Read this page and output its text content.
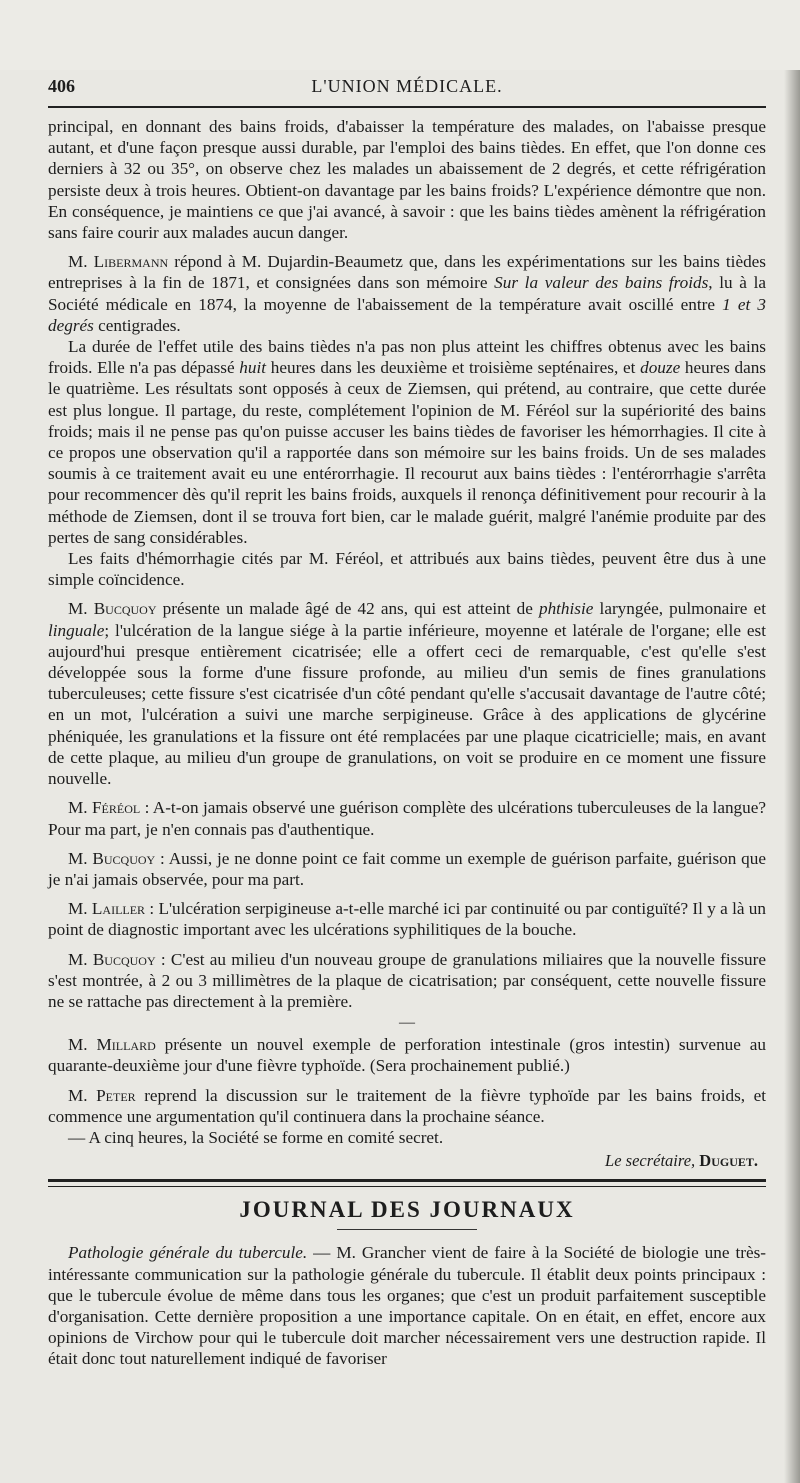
406	L'UNION MÉDICALE.

principal, en donnant des bains froids, d'abaisser la température des malades, on l'abaisse presque autant, et d'une façon presque aussi durable, par l'emploi des bains tièdes. En effet, que l'on donne ces derniers à 32 ou 35°, on observe chez les malades un abaissement de 2 degrés, et cette réfrigération persiste deux à trois heures. Obtient-on davantage par les bains froids? L'expérience démontre que non. En conséquence, je maintiens ce que j'ai avancé, à savoir : que les bains tièdes amènent la réfrigération sans faire courir aux malades aucun danger.

M. Libermann répond à M. Dujardin-Beaumetz que, dans les expérimentations sur les bains tièdes entreprises à la fin de 1871, et consignées dans son mémoire Sur la valeur des bains froids, lu à la Société médicale en 1874, la moyenne de l'abaissement de la température avait oscillé entre 1 et 3 degrés centigrades.

La durée de l'effet utile des bains tièdes n'a pas non plus atteint les chiffres obtenus avec les bains froids. Elle n'a pas dépassé huit heures dans les deuxième et troisième septénaires, et douze heures dans le quatrième. Les résultats sont opposés à ceux de Ziemsen, qui prétend, au contraire, que cette durée est plus longue. Il partage, du reste, complétement l'opinion de M. Féréol sur la supériorité des bains froids; mais il ne pense pas qu'on puisse accuser les bains tièdes de favoriser les hémorrhagies. Il cite à ce propos une observation qu'il a rapportée dans son mémoire sur les bains froids. Un de ses malades soumis à ce traitement avait eu une entérorrhagie. Il recourut aux bains tièdes : l'entérorrhagie s'arrêta pour recommencer dès qu'il reprit les bains froids, auxquels il renonça définitivement pour recourir à la méthode de Ziemsen, dont il se trouva fort bien, car le malade guérit, malgré l'anémie produite par des pertes de sang considérables.

Les faits d'hémorrhagie cités par M. Féréol, et attribués aux bains tièdes, peuvent être dus à une simple coïncidence.

M. Bucquoy présente un malade âgé de 42 ans, qui est atteint de phthisie laryngée, pulmonaire et linguale; l'ulcération de la langue siége à la partie inférieure, moyenne et latérale de l'organe; elle est aujourd'hui presque entièrement cicatrisée; elle a offert ceci de remarquable, c'est qu'elle s'est développée sous la forme d'une fissure profonde, au milieu d'un semis de fines granulations tuberculeuses; cette fissure s'est cicatrisée d'un côté pendant qu'elle s'accusait davantage de l'autre côté; en un mot, l'ulcération a suivi une marche serpigineuse. Grâce à des applications de glycérine phéniquée, les granulations et la fissure ont été remplacées par une plaque cicatricielle; mais, en avant de cette plaque, au milieu d'un groupe de granulations, on voit se produire en ce moment une fissure nouvelle.

M. Féréol : A-t-on jamais observé une guérison complète des ulcérations tuberculeuses de la langue? Pour ma part, je n'en connais pas d'authentique.

M. Bucquoy : Aussi, je ne donne point ce fait comme un exemple de guérison parfaite, guérison que je n'ai jamais observée, pour ma part.

M. Lailler : L'ulcération serpigineuse a-t-elle marché ici par continuité ou par contiguïté? Il y a là un point de diagnostic important avec les ulcérations syphilitiques de la bouche.

M. Bucquoy : C'est au milieu d'un nouveau groupe de granulations miliaires que la nouvelle fissure s'est montrée, à 2 ou 3 millimètres de la plaque de cicatrisation; par conséquent, cette nouvelle fissure ne se rattache pas directement à la première.

—

M. Millard présente un nouvel exemple de perforation intestinale (gros intestin) survenue au quarante-deuxième jour d'une fièvre typhoïde. (Sera prochainement publié.)

M. Peter reprend la discussion sur le traitement de la fièvre typhoïde par les bains froids, et commence une argumentation qu'il continuera dans la prochaine séance.

— A cinq heures, la Société se forme en comité secret.

Le secrétaire, Duguet.
JOURNAL DES JOURNAUX

Pathologie générale du tubercule. — M. Grancher vient de faire à la Société de biologie une très-intéressante communication sur la pathologie générale du tubercule. Il établit deux points principaux : que le tubercule évolue de même dans tous les organes; que c'est un produit parfaitement susceptible d'organisation. Cette dernière proposition a une importance capitale. On en était, en effet, encore aux opinions de Virchow pour qui le tubercule doit marcher nécessairement vers une destruction rapide. Il était donc tout naturellement indiqué de favoriser
